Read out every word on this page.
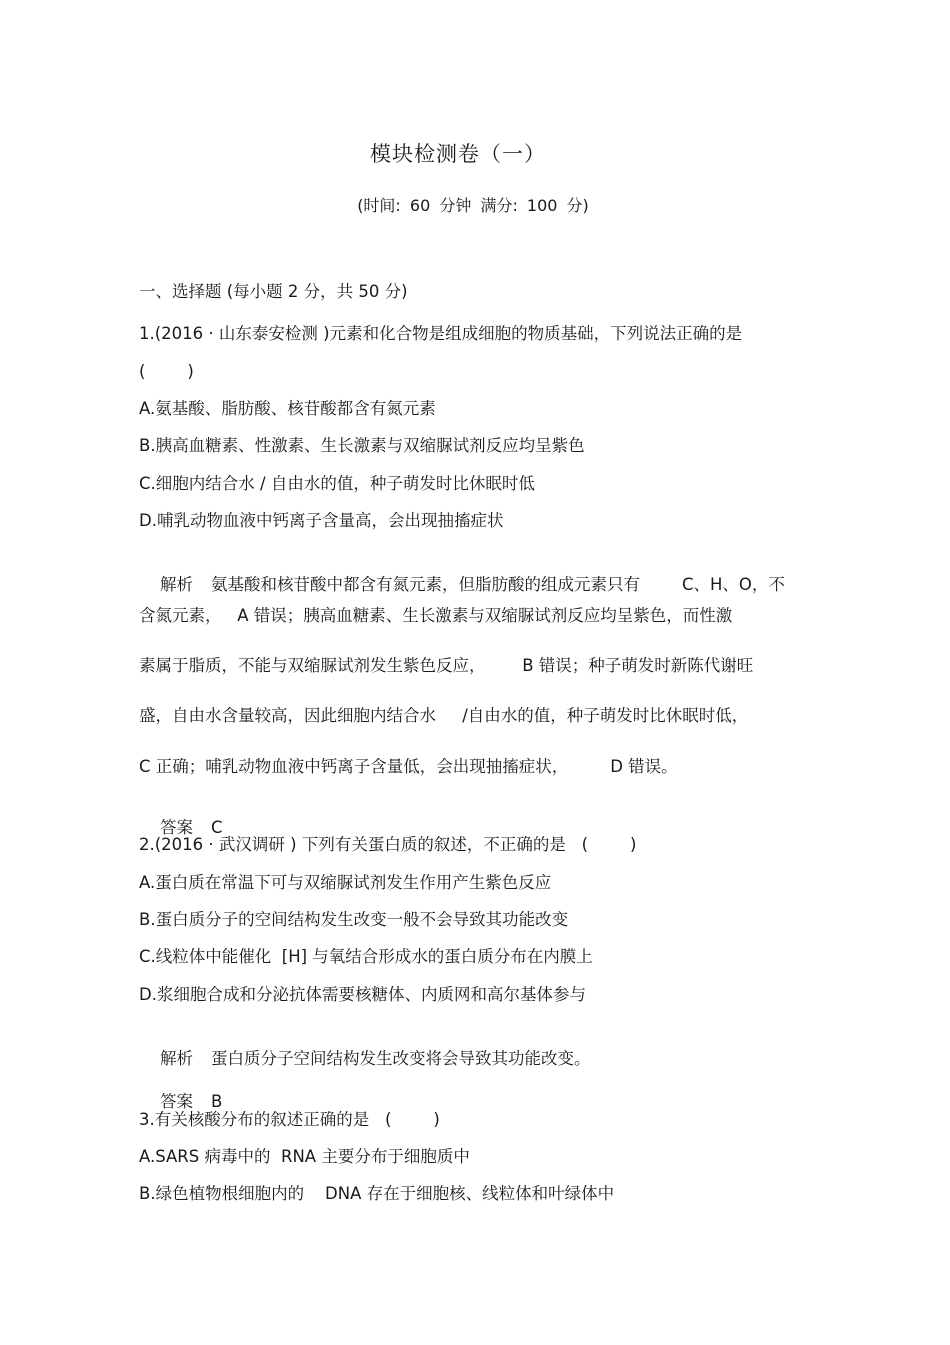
模块检测卷（一）
(时间: 60 分钟 满分: 100 分)
一、选择题 (每小题 2 分，共 50 分)
1.(2016 · 山东泰安检测 )元素和化合物是组成细胞的物质基础，下列说法正确的是
(        )
A.氨基酸、脂肪酸、核苷酸都含有氮元素
B.胰高血糖素、性激素、生长激素与双缩脲试剂反应均呈紫色
C.细胞内结合水 / 自由水的值，种子萌发时比休眠时低
D.哺乳动物血液中钙离子含量高，会出现抽搐症状

解析 氨基酸和核苷酸中都含有氮元素，但脂肪酸的组成元素只有        C、H、O，不

含氮元素，   A 错误；胰高血糖素、生长激素与双缩脲试剂反应均呈紫色，而性激
素属于脂质，不能与双缩脲试剂发生紫色反应，       B 错误；种子萌发时新陈代谢旺
盛，自由水含量较高，因此细胞内结合水     /自由水的值，种子萌发时比休眠时低，
C 正确；哺乳动物血液中钙离子含量低，会出现抽搐症状，        D 错误。

答案 C

2.(2016 · 武汉调研 ) 下列有关蛋白质的叙述，不正确的是   (        )
A.蛋白质在常温下可与双缩脲试剂发生作用产生紫色反应
B.蛋白质分子的空间结构发生改变一般不会导致其功能改变
C.线粒体中能催化  [H] 与氧结合形成水的蛋白质分布在内膜上
D.浆细胞合成和分泌抗体需要核糖体、内质网和高尔基体参与

解析 蛋白质分子空间结构发生改变将会导致其功能改变。

答案 B

3.有关核酸分布的叙述正确的是   (        )
A.SARS 病毒中的  RNA 主要分布于细胞质中
B.绿色植物根细胞内的    DNA 存在于细胞核、线粒体和叶绿体中
